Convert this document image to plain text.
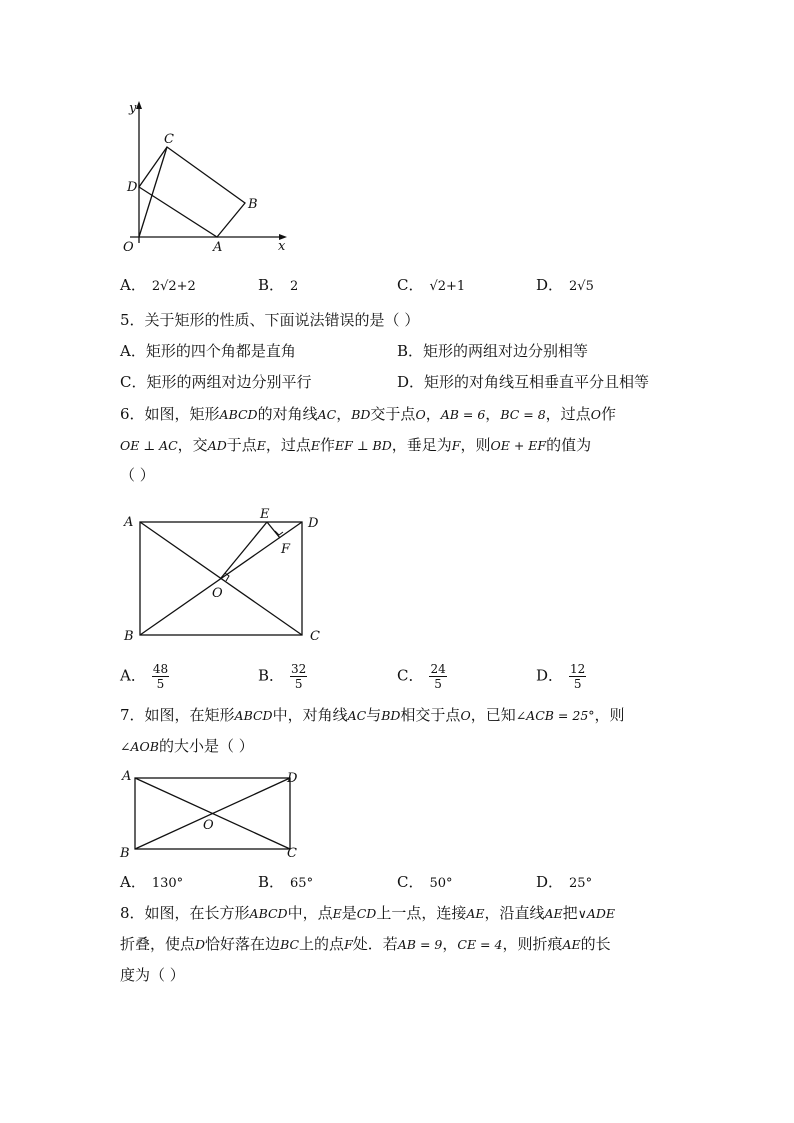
y
x
O	A
B
C
D
A． 2√2+2	B． 2	C． √2+1	D． 2√5
5．关于矩形的性质、下面说法错误的是（ ）
A．矩形的四个角都是直角	B．矩形的两组对边分别相等
C．矩形的两组对边分别平行	D．矩形的对角线互相垂直平分且相等
6．如图，矩形ABCD的对角线AC，BD交于点O，AB = 6，BC = 8，过点O作
OE ⊥ AC，交AD于点E，过点E作EF ⊥ BD，垂足为F，则OE + EF的值为
（ ）
A
B	C
D
E
F
O
A． $\frac{48}{5}$	B． $\frac{32}{5}$	C． $\frac{24}{5}$	D． $\frac{12}{5}$
7．如图，在矩形ABCD中，对角线AC与BD相交于点O，已知∠ACB = 25°，则
∠AOB的大小是（ ）
A
B	C
D
O
A． 130°	B． 65°	C． 50°	D． 25°
8．如图，在长方形ABCD中，点E是CD上一点，连接AE，沿直线AE把∨ADE
折叠，使点D恰好落在边BC上的点F处．若AB = 9，CE = 4，则折痕AE的长
度为（ ）
